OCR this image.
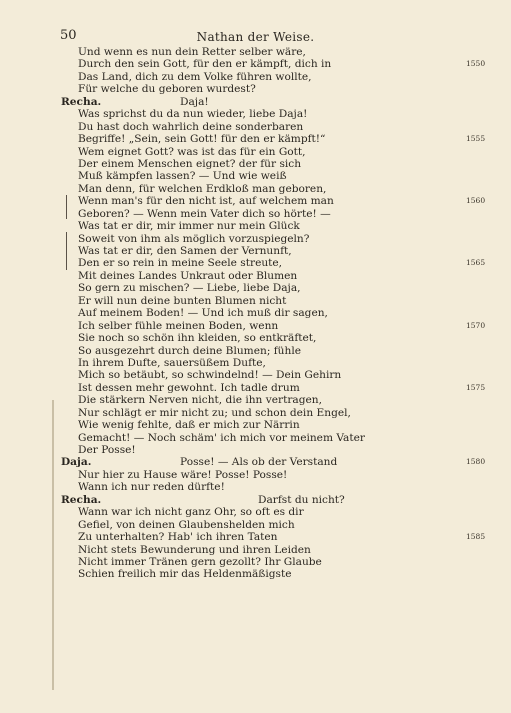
50	Nathan der Weise.
Und wenn es nun dein Retter selber wäre,
Durch den sein Gott, für den er kämpft, dich in	1550
Das Land, dich zu dem Volke führen wollte,
Für welche du geboren wurdest?
Recha.	Daja!
Was sprichst du da nun wieder, liebe Daja!
Du hast doch wahrlich deine sonderbaren
Begriffe! „Sein, sein Gott! für den er kämpft!“	1555
Wem eignet Gott? was ist das für ein Gott,
Der einem Menschen eignet? der für sich
Muß kämpfen lassen? — Und wie weiß
Man denn, für welchen Erdkloß man geboren,
Wenn man's für den nicht ist, auf welchem man	1560
Geboren? — Wenn mein Vater dich so hörte! —
Was tat er dir, mir immer nur mein Glück
Soweit von ihm als möglich vorzuspiegeln?
Was tat er dir, den Samen der Vernunft,
Den er so rein in meine Seele streute,	1565
Mit deines Landes Unkraut oder Blumen
So gern zu mischen? — Liebe, liebe Daja,
Er will nun deine bunten Blumen nicht
Auf meinem Boden! — Und ich muß dir sagen,
Ich selber fühle meinen Boden, wenn	1570
Sie noch so schön ihn kleiden, so entkräftet,
So ausgezehrt durch deine Blumen; fühle
In ihrem Dufte, sauersüßem Dufte,
Mich so betäubt, so schwindelnd! — Dein Gehirn
Ist dessen mehr gewohnt. Ich tadle drum	1575
Die stärkern Nerven nicht, die ihn vertragen,
Nur schlägt er mir nicht zu; und schon dein Engel,
Wie wenig fehlte, daß er mich zur Närrin
Gemacht! — Noch schäm' ich mich vor meinem Vater
Der Posse!
Daja.	Posse! — Als ob der Verstand	1580
Nur hier zu Hause wäre! Posse! Posse!
Wann ich nur reden dürfte!
Recha.	Darfst du nicht?
Wann war ich nicht ganz Ohr, so oft es dir
Gefiel, von deinen Glaubenshelden mich
Zu unterhalten? Hab' ich ihren Taten	1585
Nicht stets Bewunderung und ihren Leiden
Nicht immer Tränen gern gezollt? Ihr Glaube
Schien freilich mir das Heldenmäßigste
